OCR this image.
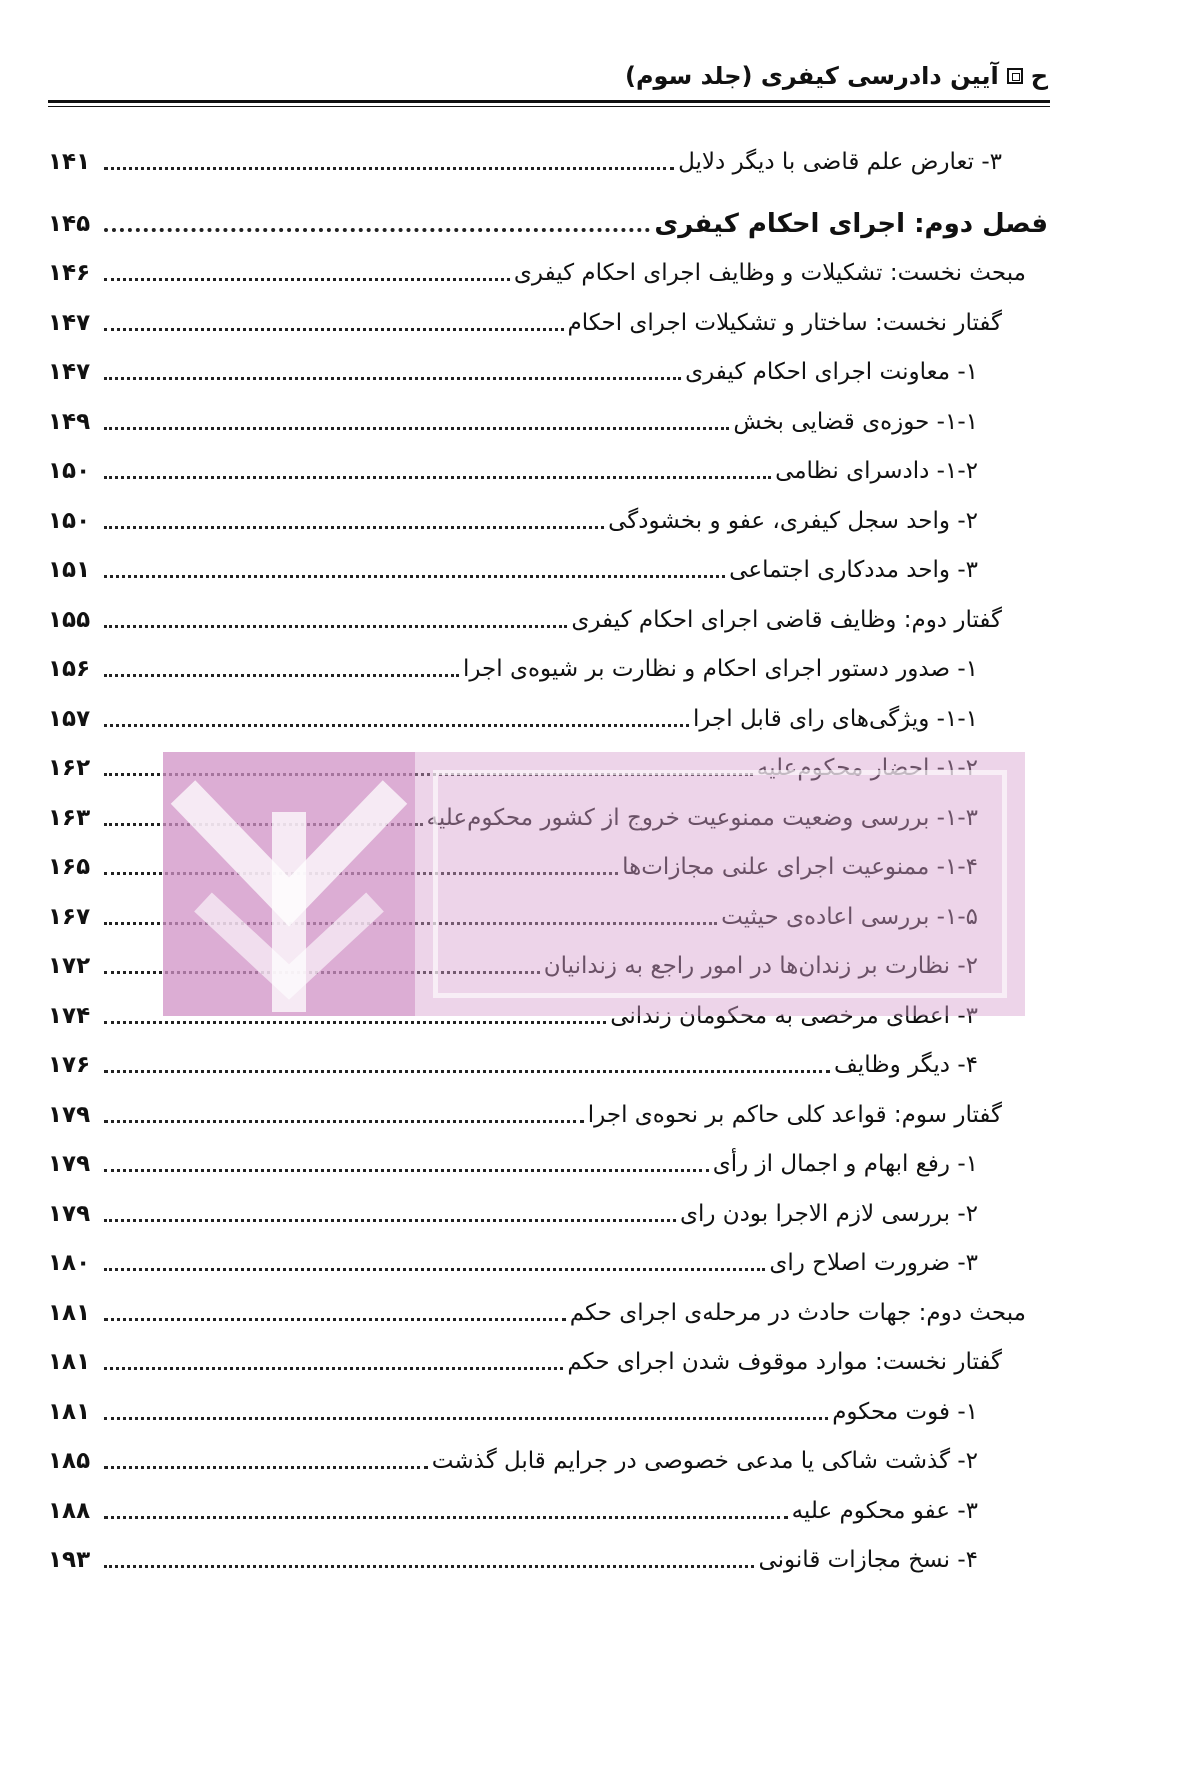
ح
آیین دادرسی کیفری (جلد سوم)
۳- تعارض علم قاضی با دیگر دلایل
۱۴۱
فصل دوم: اجرای احکام کیفری
۱۴۵
مبحث نخست: تشکیلات و وظایف اجرای احکام کیفری
۱۴۶
گفتار نخست: ساختار و تشکیلات اجرای احکام
۱۴۷
۱- معاونت اجرای احکام کیفری
۱۴۷
۱-۱- حوزه‌ی قضایی بخش
۱۴۹
۱-۲- دادسرای نظامی
۱۵۰
۲- واحد سجل کیفری، عفو و بخشودگی
۱۵۰
۳- واحد مددکاری اجتماعی
۱۵۱
گفتار دوم: وظایف قاضی اجرای احکام کیفری
۱۵۵
۱- صدور دستور اجرای احکام و نظارت بر شیوه‌ی اجرا
۱۵۶
۱-۱- ویژگی‌های رای قابل اجرا
۱۵۷
۱-۲- احضار محکوم‌علیه
۱۶۲
۱-۳- بررسی وضعیت ممنوعیت خروج از کشور محکوم‌علیه
۱۶۳
۱-۴- ممنوعیت اجرای علنی مجازات‌ها
۱۶۵
۱-۵- بررسی اعاده‌ی حیثیت
۱۶۷
۲- نظارت بر زندان‌ها در امور راجع به زندانیان
۱۷۲
۳- اعطای مرخصی به محکومان زندانی
۱۷۴
۴- دیگر وظایف
۱۷۶
گفتار سوم: قواعد کلی حاکم بر نحوه‌ی اجرا
۱۷۹
۱- رفع ابهام و اجمال از رأی
۱۷۹
۲- بررسی لازم الاجرا بودن رای
۱۷۹
۳- ضرورت اصلاح رای
۱۸۰
مبحث دوم: جهات حادث در مرحله‌ی اجرای حکم
۱۸۱
گفتار نخست: موارد موقوف شدن اجرای حکم
۱۸۱
۱- فوت محکوم
۱۸۱
۲- گذشت شاکی یا مدعی خصوصی در جرایم قابل گذشت
۱۸۵
۳- عفو محکوم علیه
۱۸۸
۴- نسخ مجازات قانونی
۱۹۳
